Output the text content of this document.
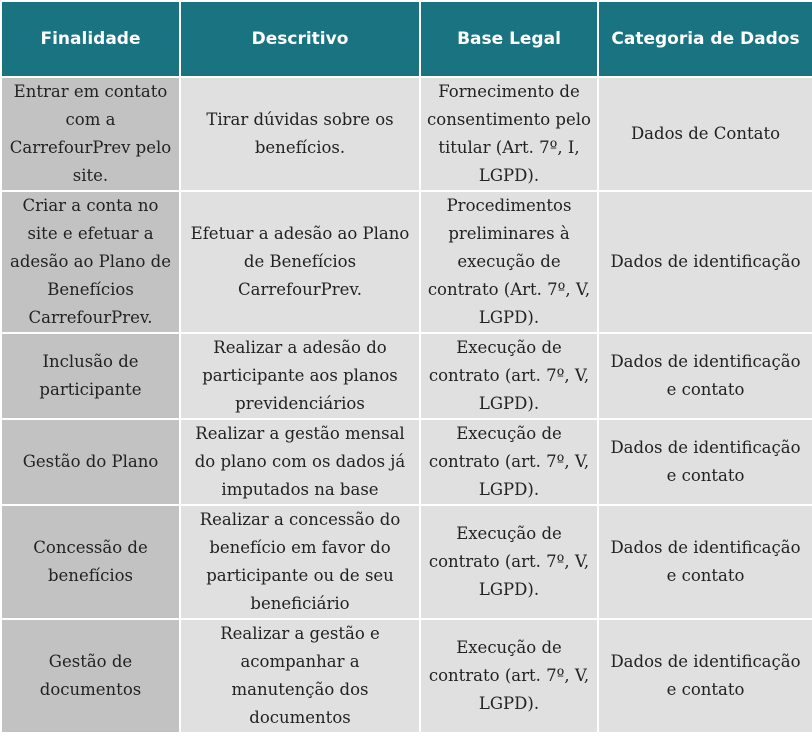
Finalidade	Descritivo	Base Legal	Categoria de Dados
Entrar em contato com a CarrefourPrev pelo site.	Tirar dúvidas sobre os benefícios.	Fornecimento de consentimento pelo titular (Art. 7º, I, LGPD).	Dados de Contato
Criar a conta no site e efetuar a adesão ao Plano de Benefícios CarrefourPrev.	Efetuar a adesão ao Plano de Benefícios CarrefourPrev.	Procedimentos preliminares à execução de contrato (Art. 7º, V, LGPD).	Dados de identificação
Inclusão de participante	Realizar a adesão do participante aos planos previdenciários	Execução de contrato (art. 7º, V, LGPD).	Dados de identificação e contato
Gestão do Plano	Realizar a gestão mensal do plano com os dados já imputados na base	Execução de contrato (art. 7º, V, LGPD).	Dados de identificação e contato
Concessão de benefícios	Realizar a concessão do benefício em favor do participante ou de seu beneficiário	Execução de contrato (art. 7º, V, LGPD).	Dados de identificação e contato
Gestão de documentos	Realizar a gestão e acompanhar a manutenção dos documentos	Execução de contrato (art. 7º, V, LGPD).	Dados de identificação e contato
